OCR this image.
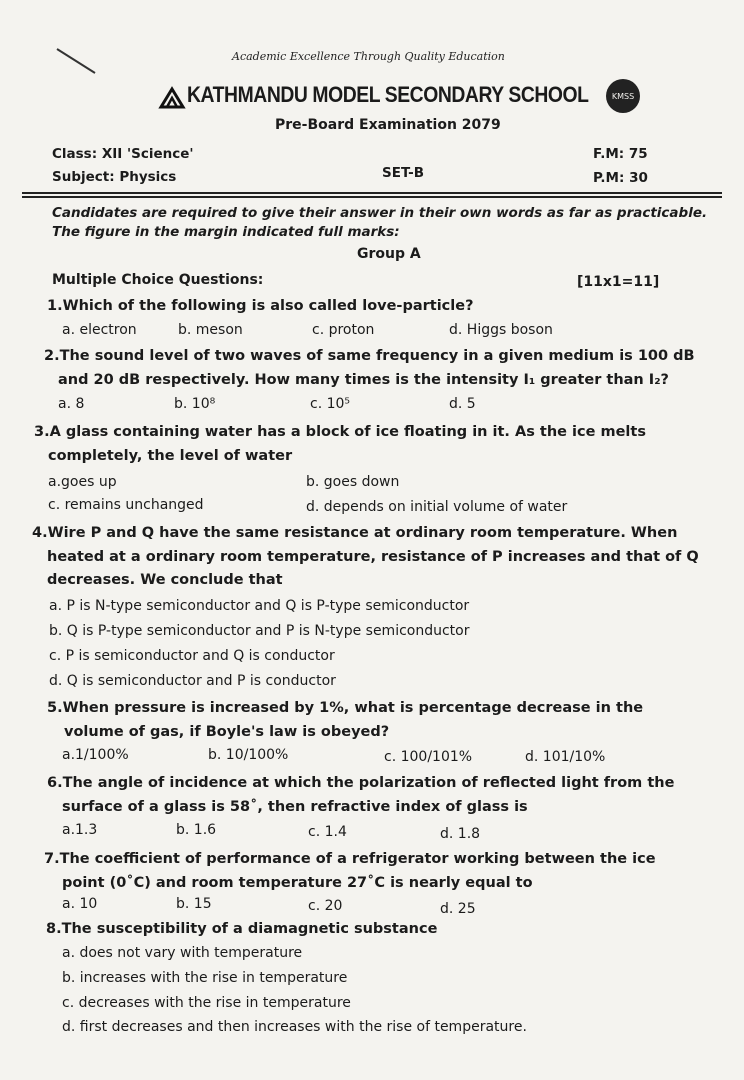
Academic Excellence Through Quality Education
KATHMANDU MODEL SECONDARY SCHOOL	KMSS
Pre-Board Examination 2079
Class: XII 'Science'
Subject: Physics	SET-B
F.M: 75
P.M: 30
Candidates are required to give their answer in their own words as far as practicable.
The figure in the margin indicated full marks:
Group A
Multiple Choice Questions:	[11x1=11]
1.Which of the following is also called love-particle?
a. electron	b. meson	c. proton	d. Higgs boson
2.The sound level of two waves of same frequency in a given medium is 100 dB
and 20 dB respectively. How many times is the intensity I₁ greater than I₂?
a. 8	b. 10⁸	c. 10⁵	d. 5
3.A glass containing water has a block of ice floating in it. As the ice melts
completely, the level of water
a.goes up	b. goes down
c. remains unchanged	d. depends on initial volume of water
4.Wire P and Q have the same resistance at ordinary room temperature. When
heated at a ordinary room temperature, resistance of P increases and that of Q
decreases. We conclude that
a. P is N-type semiconductor and Q is P-type semiconductor
b. Q is P-type semiconductor and P is N-type semiconductor
c. P is semiconductor and Q is conductor
d. Q is semiconductor and P is conductor
5.When pressure is increased by 1%, what is percentage decrease in the
volume of gas, if Boyle's law is obeyed?
a.1/100%	b. 10/100%	c. 100/101%	d. 101/10%
6.The angle of incidence at which the polarization of reflected light from the
surface of a glass is 58˚, then refractive index of glass is
a.1.3	b. 1.6	c. 1.4	d. 1.8
7.The coefficient of performance of a refrigerator working between the ice
point (0˚C) and room temperature 27˚C is nearly equal to
a. 10	b. 15	c. 20	d. 25
8.The susceptibility of a diamagnetic substance
a. does not vary with temperature
b. increases with the rise in temperature
c. decreases with the rise in temperature
d. first decreases and then increases with the rise of temperature.
